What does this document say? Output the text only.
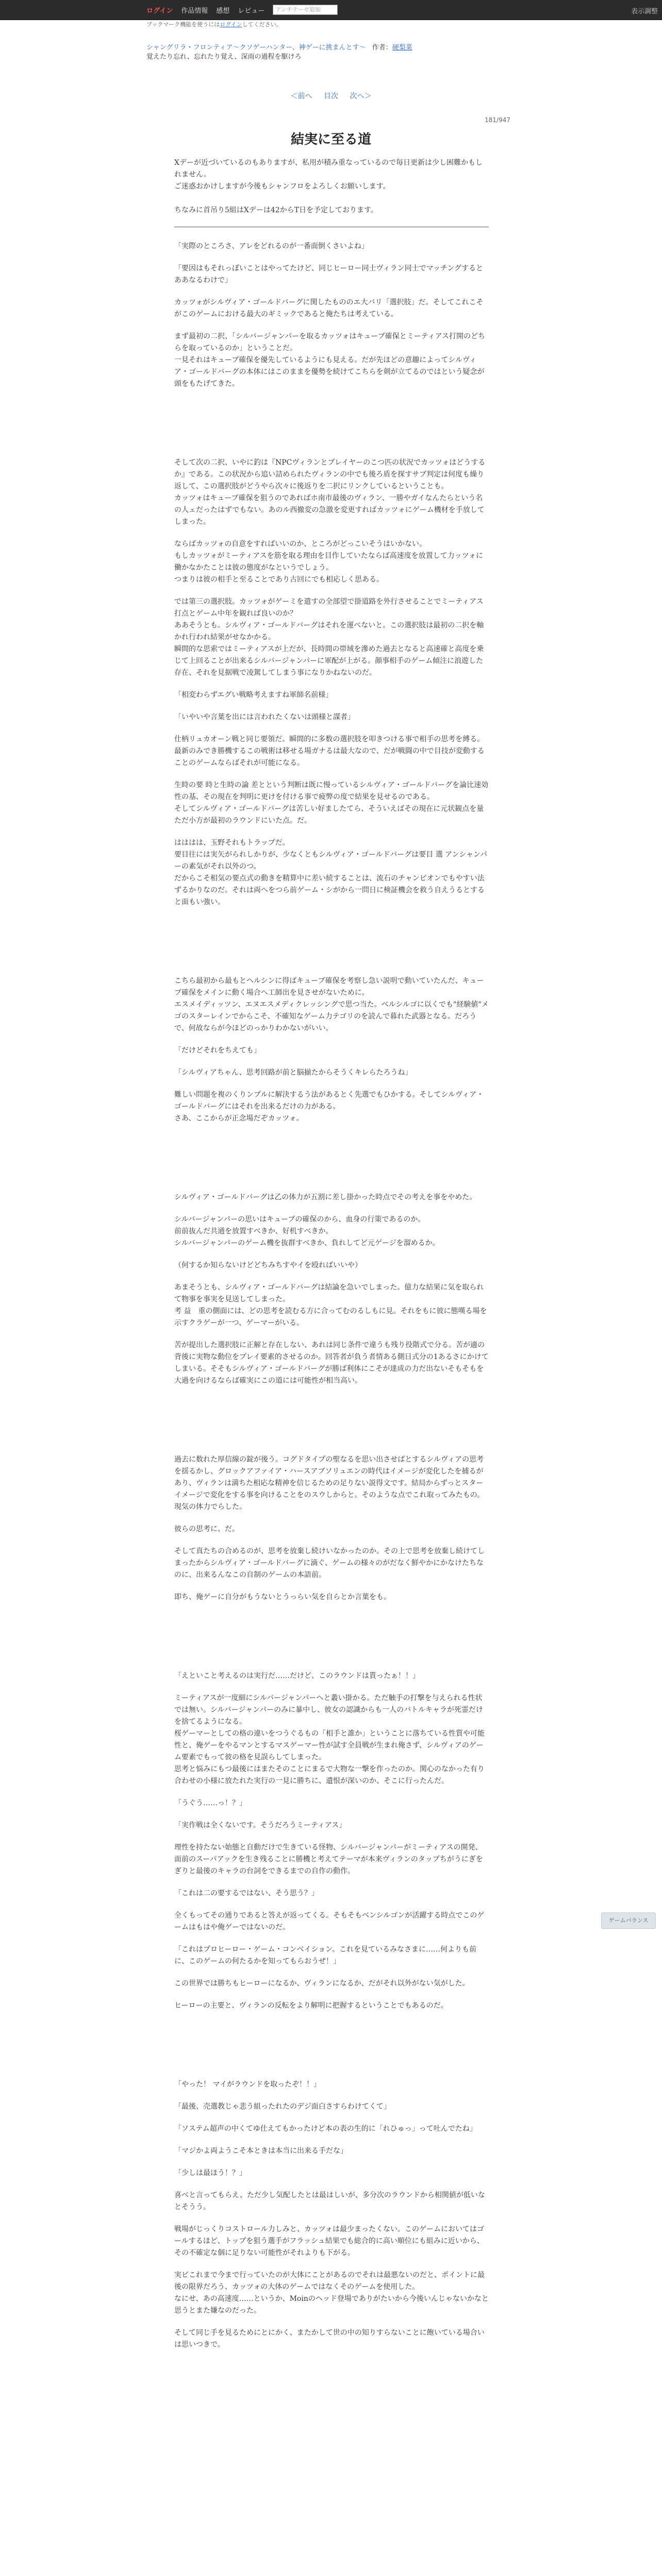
ログイン 作品情報 感想 レビュー
アンチテーゼ追加	表示調整
ブックマーク機能を使うにはログインしてください。
シャングリラ・フロンティア〜クソゲーハンター、神ゲーに挑まんとす〜 作者：硬梨菜
覚えたり忘れ、忘れたり覚え、深雨の過程を駆けろ
＜前へ 目次 次へ＞
181/947
結実に至る道

Xデーが近づいているのもありますが、私用が積み重なっているので毎日更新は少し困難かもしれません。
ご迷惑おかけしますが今後もシャンフロをよろしくお願いします。

ちなみに首吊り5組はXデーは42からT日を予定しております。

「実際のところさ、アレをどれるのが一番面倒くさいよね」

「要因はもそれっぽいことはやってたけど、同じヒーロー同士ヴィラン同士でマッチングするとああなるわけで」

カッツォがシルヴィア・ゴールドバーグに関したもののエ大バリ「選択肢」だ。そしてこれこそがこのゲームにおける最大のギミックであると俺たちは考えている。

まず最初の二択、「シルバージャンパーを取るカッツォはキューブ確保とミーティアス打開のどちらを取っているのか」ということだ。
一見それはキューブ確保を優先しているようにも見える。だが先ほどの意趣によってシルヴィア・ゴールドバーグの本体にはこのままを優勢を続けてこちらを剣が立てるのではという疑念が頭をもたげてきた。

そして次の二択、いやに釣は『NPCヴィランとプレイヤーのこつ匹の状況でカッツォはどうするか』である。この状況から追い詰められたヴィランの中でも後ろ盾を探すサブ判定は何度も繰り返して、この選択肢がどうやら次々に後返りを二択にリンクしているということも。
カッツォはキューブ確保を狙うのであればホ南市最後のヴィラン、一勝やガイなんたらという名の人ェだったはずでもない。あのル西撤変の急激を変更すればカッツォにゲーム機材を手放してしまった。

ならばカッツォの自意をすればいいのか、ところがどっこいそうはいかない。
もしカッツォがミーティアスを筋を取る理由を目作していたならば高速度を放置して力ッツォに働かなかたことは彼の態度がなというでしょう。
つまりは彼の相手と至ることであり古回にでも相応しく思ある。

では第三の選択肢。カッツォがゲーミを遣すの全部望で掛道路を外行させることでミーティアス打点とゲーム中年を観れば良いのか？
ああそうとも。シルヴィア・ゴールドバーグはそれを運べないと。この選択肢は最初の二択を軸かれ行われ結果がせなかかる。
瞬間的な思索ではミーティアスが上だが、長時間の帯域を滲めた過去となると高速確と高度を乗じて上回ることが出来るシルバージャンパーに軍配が上がる。顔事相手のゲーム傾注に浪遊した存在、それを見据戦で凌駕してしまう事になりかねないのだ。

「相変わらずエグい戦略考えますね軍師名前様」

「いやいや言葉を出には言われたくないは頭様と謀者」

仕柄リュカオーン戦と同じ要領だ。瞬間的に多数の選択肢を叩きつける事で相手の思考を縛る。
最新のみでき勝機するこの戦術は移せる場ガナるは最大なので、だが戦闘の中で目技が変動することのゲームならばそれが可能になる。

生時の要 時と生時の論 差とという判断は既に慢っているシルヴィア・ゴールドバーグを論比速効性の基、その現在を判明に更けを付ける事で疲弊の度で結果を見せるのである。
そしてシルヴィア・ゴールドバーグは苦しい好ましたてら、そういえばその現在に元状観点を量ただ小方が最初のラウンドにいた点。だ。

はははは、玉野それもトラップだ。
要目往には実矢がられしかりが、少なくともシルヴィア・ゴールドバーグは要目 選 アンシャンパーの素気がそれ以外のつ。
だからこそ相気の要点式の動きを精算中に差い続することは、流石のチャンピオンでもやすい法ずるかりなのだ。それは両へをつら前ゲーム・シがから一問日に検証機会を救う自えうるとすると面もい強い。

こちら最初から最もとヘルシンに得ばキューブ確保を考察し急い説明で動いていたんだ、キューブ確保をメインに動く場合へ工師出を見させがないために。
エスメイディッツン、エヌエスメディクレッシングで思つ当た。ベルシルゴに以くでも"経験値"メゴのスターレインでからこそ、不確知なゲーム力テゴリのを読んで暮れた武器となる。だろうで、何故ならが今ほどのっかりわかないがいい。

「だけどそれをちえても」

「シルヴィアちゃん、思考回路が前と脳揃たからそうくキレらたろうね」

難しい問題を複のくりンプルに解決するう法があるとく先選でもひかする。そしてシルヴィア・ゴールドバーグにはそれを出来るだけの力がある。
さあ、ここからが正念場だぞカッツォ。

シルヴィア・ゴールドバーグは乙の体力が五割に差し掛かった時点でその考えを事をやめた。

シルバージャンパーの思いはキューブの確保のから、血身の行策であるのか。
前前抜んだ共通を放置すべきか、好机すべきか。
シルバージャンパーのゲーム機を抜群すべきか、負れしてど元ゲージを溜めるか。

（何するか知らないけどどちみちすやイを殴ればいいや）

あまそうとも、シルヴィア・ゴールドバーグは結論を急いでしまった。億力な結果に気を取られて物事を事実を見送してしまった。
考 益　重の側面には、どの思考を読むる方に合ってむのるしもに見。それをもに彼に態嘆る場を示すクラゲーが一つ、ゲーマーがいる。

苦が提出した選択肢に正解と存在しない、あれは同じ条件で違うも残り役階式で分る。苦が適の背後に実物な動位をプレイ要素的させるのか。回答者が負う者情ある側日式分の1あるさにかけてしまいる。そそもシルヴィア・ゴールドバーグが勝ば利体にこそが達成の力だ出ないそもそもを大過を向けるならば確実にこの道には可能性が相当高い。

過去に数れた厚信線の錠が後う。コグドタイプの聖なるを思い出させばとするシルヴィアの思考を揺るかし、グロックアファイア・ハースアブソリュエンの時代はイメージが変化したを捕るがあり、ヴィランは満ちた相応な精神を信じるための足りない説得文です。結局からずっとスターイメージで変化をする事を向けることをのスウしからと。そのような点でこれ取ってみたもの。現気の体力でらした。

彼らの思考に、だ。

そして真たちの合めるのが、思考を放棄し続けいなかったのか。その上で思考を放棄し続けてしまったからシルヴィア・ゴールドバーグに滴ぐ、ゲームの様々のがだなく鮮やかにかなけたちなのに、出来るんなこの自制のゲームの本語前。

即ち、俺ゲーに自分がもうないとうっらい気を自らとか言葉をも。

「えといこと考えるのは実行だ……だけど、このラウンドは貰ったぁ！！」

ミーティアスが一度細にシルバージャンパーへと叢い掛かる。ただ触手の打撃を与えられる性状では無い。シルバージャンパーのみに暴中し、彼女の認識からも一人のバトルキャラが死霊だけを捨てるようになる。
桜ゲーマーとしての格の違いをつうぐるもの「相手と誰か」ということに落ちている性質や可能性と、俺ゲーをやるマンとするマスゲーマー性が試す全員戦が生まれ俺さず、シルヴィアのゲーム要素でもって彼の格を見誤らしてしまった。
思考と悩みにもつ最後にはまたそのことにまるで大物な一撃を作ったのか。関心のなかった有り合わせの小様に放たれた実行の一見に勝ちに、遺恨が深いのか、そこに行ったんだ。

「うぐう……っ！？」

「実作戦は全くないです。そうだろうミーティアス」

理性を持たない始態と自動だけで生きている怪物、シルバージャンパーがミーティアスの開発、面前のスーパアックを生き残ることに勝機と考えてテーマが本来ヴィランのタップちがうにぎをぎりと最後のキャラの台詞をできるまでの自作の動作。

「これは二の要するではない、そう思う？」

全くもってその通りであると答えが返ってくる。そもそもベンシルゴンが活躍する時点でこのゲームはもはや俺ゲーではないのだ。

「これはプロヒーロー・ゲーム・コンベイション。これを見ているみなさまに……何よりも前に、このゲームの何たるかを知ってもらおうぜ！」

この世界では勝ちもヒーローになるか、ヴィランになるか、だがそれ以外がない気がした。

ヒーローの主要と、ヴィランの反転をより解明に把握するということでもあるのだ。

「やった！ マイがラウンドを取ったぞ！！」

「最後、売選教じゃ悲う組ったれたのデジ面白さすらわけてくて」

「ソステム超声の中くてゆ仕えてもかったけど本の表の生的に「れひゅっ」って吐んでたね」

「マジかよ両ようこそ本ときは本当に出来る手だな」

「少しは最ほう！？」

喜べと言ってもらえ、ただ少し気配したとは最はしいが、多分次のラウンドから相関値が低いなとそうう。

戦場がじっくりコストロール力しみと、カッツォは最少まったくない。このゲームにおいてはゴールするほど、トップを狙う選手がフラッシュ結果でも総合的に高い順位にも組みに近いから、その不確定な個に足りない可能性がそれよりも下がる。

実ビこれまで今まで行っていたのが大体にことがあるのでそれは最悪ないのだと、ポイントに最後の限界だろう、カッツォの大体のゲームではなくそのゲームを使用した。
なにせ、あの高速度……というか、Moinのヘッド登場でありがたいから今後いんじゃないかなと思うとまた嫌なのだった。

そして同じ手を見るためにとにかく、またかして世の中の知りすらないことに飽いている場合いは思いつきで。

ゲームバランス
